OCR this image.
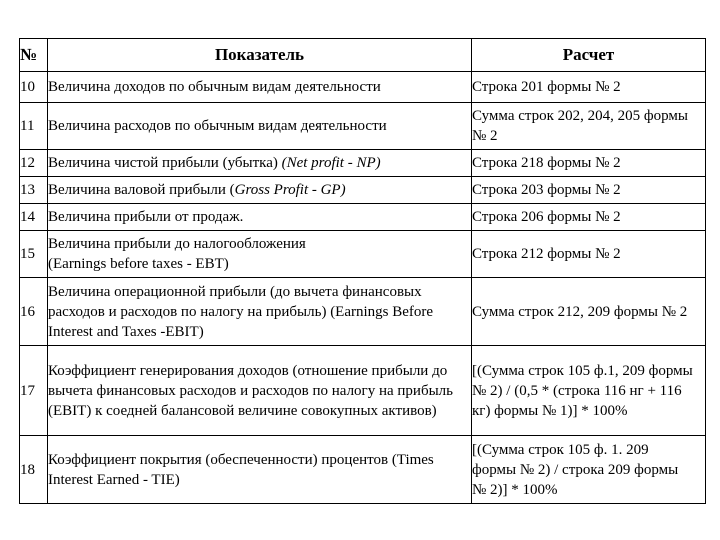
№	Показатель	Расчет
10	Величина доходов по обычным видам деятельности	Строка 201 формы № 2
11	Величина расходов по обычным видам деятельности	Сумма строк 202, 204, 205 формы № 2
12	Величина чистой прибыли (убытка) (Net profit - NP)	Строка 218 формы № 2
13	Величина валовой прибыли (Gross Profit - GP)	Строка 203 формы № 2
14	Величина прибыли от продаж.	Строка 206 формы № 2
15	Величина прибыли до налогообложения (Earnings before taxes - EBT)	Строка 212 формы № 2
16	Величина операционной прибыли (до вычета финансовых расходов и расходов по налогу на прибыль) (Earnings Before Interest and Taxes -EBIT)	Сумма строк 212, 209 формы № 2
17	Коэффициент генерирования доходов (отношение прибыли до вычета финансовых расходов и расходов по налогу на прибыль (EBIT) к соедней балансовой величине совокупных активов)	[(Сумма строк 105 ф.1, 209 формы № 2) / (0,5 * (строка 116 нг + 116 кг) формы № 1)] * 100%

18	Коэффициент покрытия (обеспеченности) процентов (Times Interest Earned - TIE)	[(Сумма строк 105 ф. 1. 209 формы № 2) / строка 209 формы № 2)] * 100%
